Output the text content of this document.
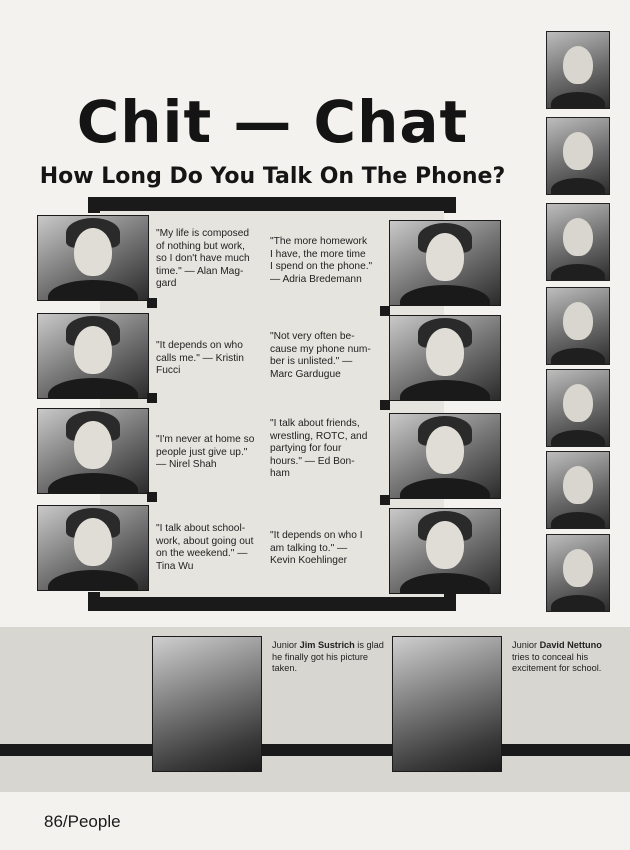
Chit — Chat
How Long Do You Talk On The Phone?
"My life is composed
of nothing but work,
so I don't have much
time." — Alan Mag-
gard
"The more homework
I have, the more time
I spend on the phone."
— Adria Bredemann
"It depends on who
calls me." — Kristin
Fucci
"Not very often be-
cause my phone num-
ber is unlisted." —
Marc Gardugue
"I'm never at home so
people just give up."
— Nirel Shah
"I talk about friends,
wrestling, ROTC, and
partying for four
hours." — Ed Bon-
ham
"I talk about school-
work, about going out
on the weekend." —
Tina Wu
"It depends on who I
am talking to." —
Kevin Koehlinger
Junior Jim Sustrich is glad he finally got his picture taken.
Junior David Nettuno tries to conceal his excitement for school.
86/People
